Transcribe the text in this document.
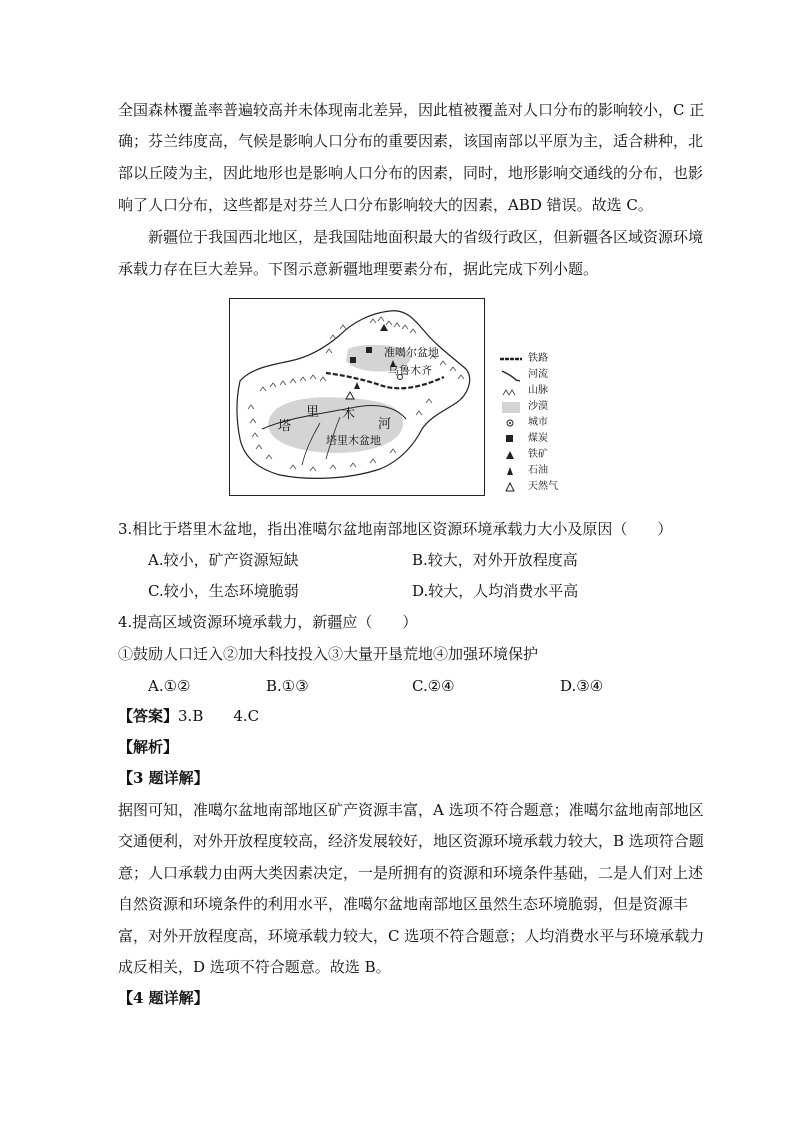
全国森林覆盖率普遍较高并未体现南北差异，因此植被覆盖对人口分布的影响较小，C 正
确；芬兰纬度高，气候是影响人口分布的重要因素，该国南部以平原为主，适合耕种，北
部以丘陵为主，因此地形也是影响人口分布的因素，同时，地形影响交通线的分布，也影
响了人口分布，这些都是对芬兰人口分布影响较大的因素，ABD 错误。故选 C。
新疆位于我国西北地区，是我国陆地面积最大的省级行政区，但新疆各区域资源环境
承载力存在巨大差异。下图示意新疆地理要素分布，据此完成下列小题。
准噶尔盆地
乌鲁木齐
塔
里 木
河
塔里木盆地
铁路
河流
山脉
沙漠
城市
煤炭
铁矿
石油
天然气
3.相比于塔里木盆地，指出准噶尔盆地南部地区资源环境承载力大小及原因（　　）
A.较小，矿产资源短缺	B.较大，对外开放程度高
C.较小，生态环境脆弱	D.较大，人均消费水平高
4.提高区域资源环境承载力，新疆应（　　）
①鼓励人口迁入②加大科技投入③大量开垦荒地④加强环境保护
A.①②	B.①③	C.②④	D.③④
【答案】3.B　　4.C
【解析】
【3 题详解】
据图可知，准噶尔盆地南部地区矿产资源丰富，A 选项不符合题意；准噶尔盆地南部地区
交通便利，对外开放程度较高，经济发展较好，地区资源环境承载力较大，B 选项符合题
意；人口承载力由两大类因素决定，一是所拥有的资源和环境条件基础，二是人们对上述
自然资源和环境条件的利用水平，准噶尔盆地南部地区虽然生态环境脆弱，但是资源丰
富，对外开放程度高，环境承载力较大，C 选项不符合题意；人均消费水平与环境承载力
成反相关，D 选项不符合题意。故选 B。
【4 题详解】
